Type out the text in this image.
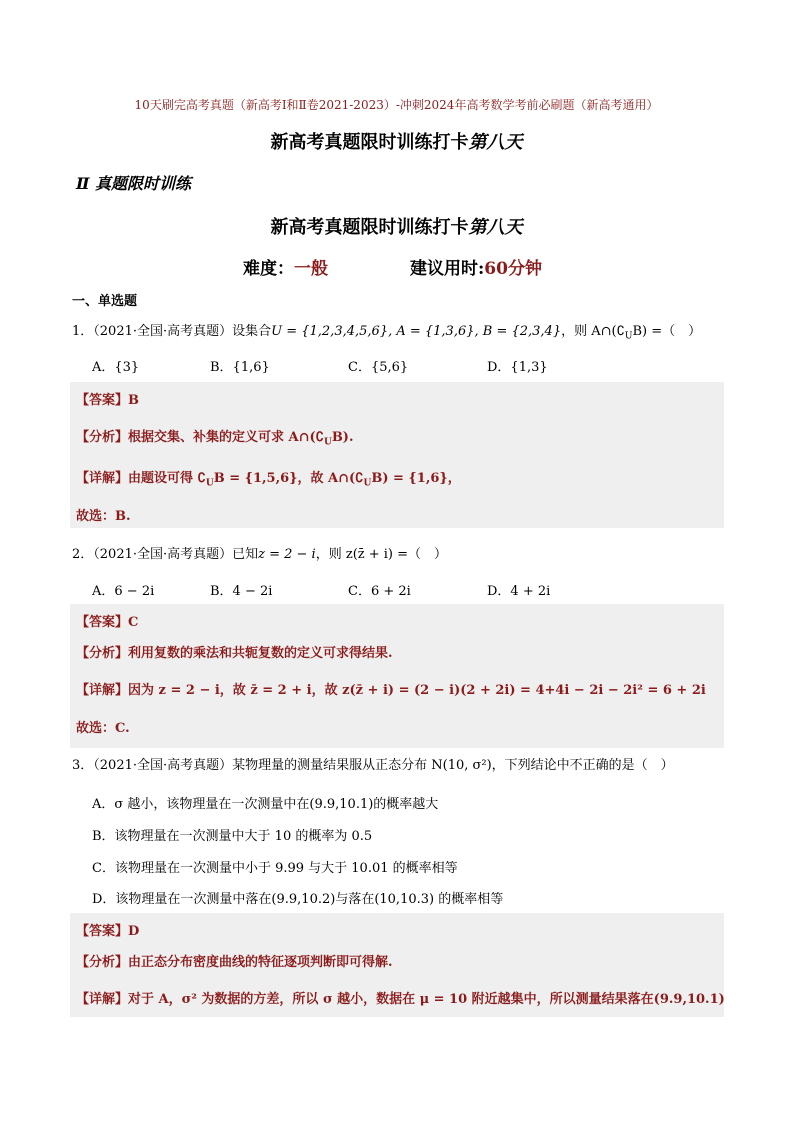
10天刷完高考真题（新高考Ⅰ和Ⅱ卷2021-2023）-冲刺2024年高考数学考前必刷题（新高考通用）
新高考真题限时训练打卡第八天
Ⅱ 真题限时训练
新高考真题限时训练打卡第八天
难度：一般	建议用时:60分钟
一、单选题
1．（2021·全国·高考真题）设集合U = {1,2,3,4,5,6}, A = {1,3,6}, B = {2,3,4}，则 $A\cap(∁_UB)$ =（　）
A．{3}	B．{1,6}	C．{5,6}	D．{1,3}
【答案】B
【分析】根据交集、补集的定义可求 $A\cap(∁_UB)$.
【详解】由题设可得 $∁_UB = \{1,5,6\}$，故 $A\cap(∁_UB) = \{1,6\}$，
故选：B.
2．（2021·全国·高考真题）已知z = 2 − i，则 z(z̄ + i) =（　）
A．6 − 2i	B．4 − 2i	C．6 + 2i	D．4 + 2i
【答案】C
【分析】利用复数的乘法和共轭复数的定义可求得结果.
【详解】因为 z = 2 − i，故 z̄ = 2 + i，故 z(z̄ + i) = (2 − i)(2 + 2i) = 4+4i − 2i − 2i² = 6 + 2i
故选：C.
3．（2021·全国·高考真题）某物理量的测量结果服从正态分布 N(10, σ²)，下列结论中不正确的是（　）
A．σ 越小，该物理量在一次测量中在(9.9,10.1)的概率越大
B．该物理量在一次测量中大于 10 的概率为 0.5
C．该物理量在一次测量中小于 9.99 与大于 10.01 的概率相等
D．该物理量在一次测量中落在(9.9,10.2)与落在(10,10.3) 的概率相等
【答案】D
【分析】由正态分布密度曲线的特征逐项判断即可得解.
【详解】对于 A，σ² 为数据的方差，所以 σ 越小，数据在 μ = 10 附近越集中，所以测量结果落在(9.9,10.1)
